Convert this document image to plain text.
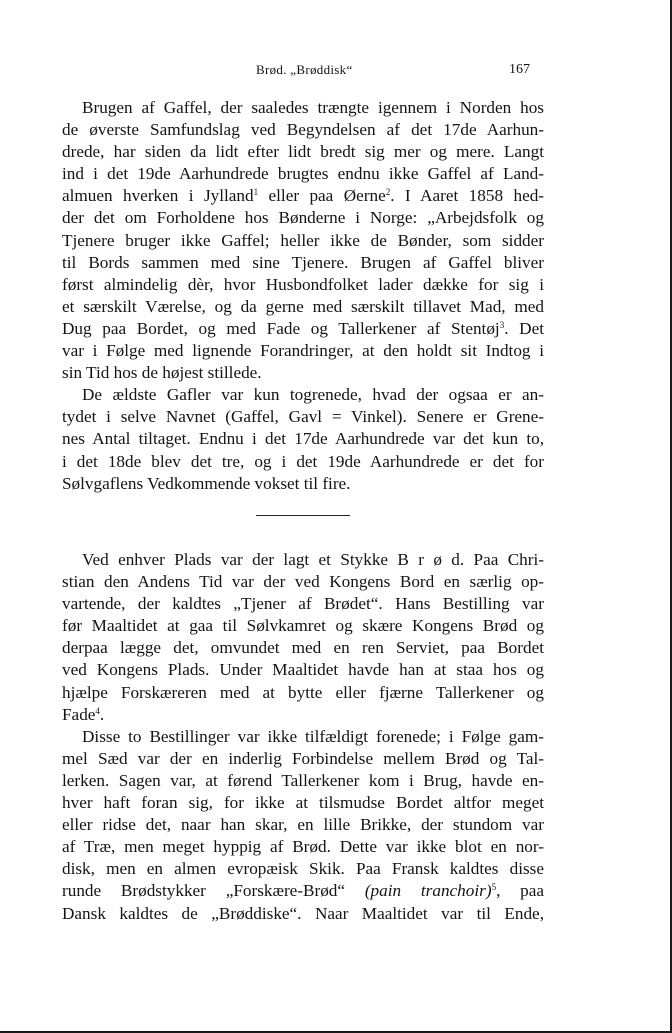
Brød. „Brøddisk“	167
Brugen af Gaffel, der saaledes trængte igennem i Norden hos
de øverste Samfundslag ved Begyndelsen af det 17de Aarhun-
drede, har siden da lidt efter lidt bredt sig mer og mere. Langt
ind i det 19de Aarhundrede brugtes endnu ikke Gaffel af Land-
almuen hverken i Jylland$^1$ eller paa Øerne$^2$. I Aaret 1858 hed-
der det om Forholdene hos Bønderne i Norge: „Arbejdsfolk og
Tjenere bruger ikke Gaffel; heller ikke de Bønder, som sidder
til Bords sammen med sine Tjenere. Brugen af Gaffel bliver
først almindelig dèr, hvor Husbondfolket lader dække for sig i
et særskilt Værelse, og da gerne med særskilt tillavet Mad, med
Dug paa Bordet, og med Fade og Tallerkener af Stentøj$^3$. Det
var i Følge med lignende Forandringer, at den holdt sit Indtog i
sin Tid hos de højest stillede.
De ældste Gafler var kun togrenede, hvad der ogsaa er an-
tydet i selve Navnet (Gaffel, Gavl = Vinkel). Senere er Grene-
nes Antal tiltaget. Endnu i det 17de Aarhundrede var det kun to,
i det 18de blev det tre, og i det 19de Aarhundrede er det for
Sølvgaflens Vedkommende vokset til fire.
Ved enhver Plads var der lagt et Stykke B r ø d. Paa Chri-
stian den Andens Tid var der ved Kongens Bord en særlig op-
vartende, der kaldtes „Tjener af Brødet“. Hans Bestilling var
før Maaltidet at gaa til Sølvkamret og skære Kongens Brød og
derpaa lægge det, omvundet med en ren Serviet, paa Bordet
ved Kongens Plads. Under Maaltidet havde han at staa hos og
hjælpe Forskæreren med at bytte eller fjærne Tallerkener og
Fade$^4$.
Disse to Bestillinger var ikke tilfældigt forenede; i Følge gam-
mel Sæd var der en inderlig Forbindelse mellem Brød og Tal-
lerken. Sagen var, at førend Tallerkener kom i Brug, havde en-
hver haft foran sig, for ikke at tilsmudse Bordet altfor meget
eller ridse det, naar han skar, en lille Brikke, der stundom var
af Træ, men meget hyppig af Brød. Dette var ikke blot en nor-
disk, men en almen evropæisk Skik. Paa Fransk kaldtes disse
runde Brødstykker „Forskære-Brød“ (pain tranchoir)$^5$, paa
Dansk kaldtes de „Brøddiske“. Naar Maaltidet var til Ende,
